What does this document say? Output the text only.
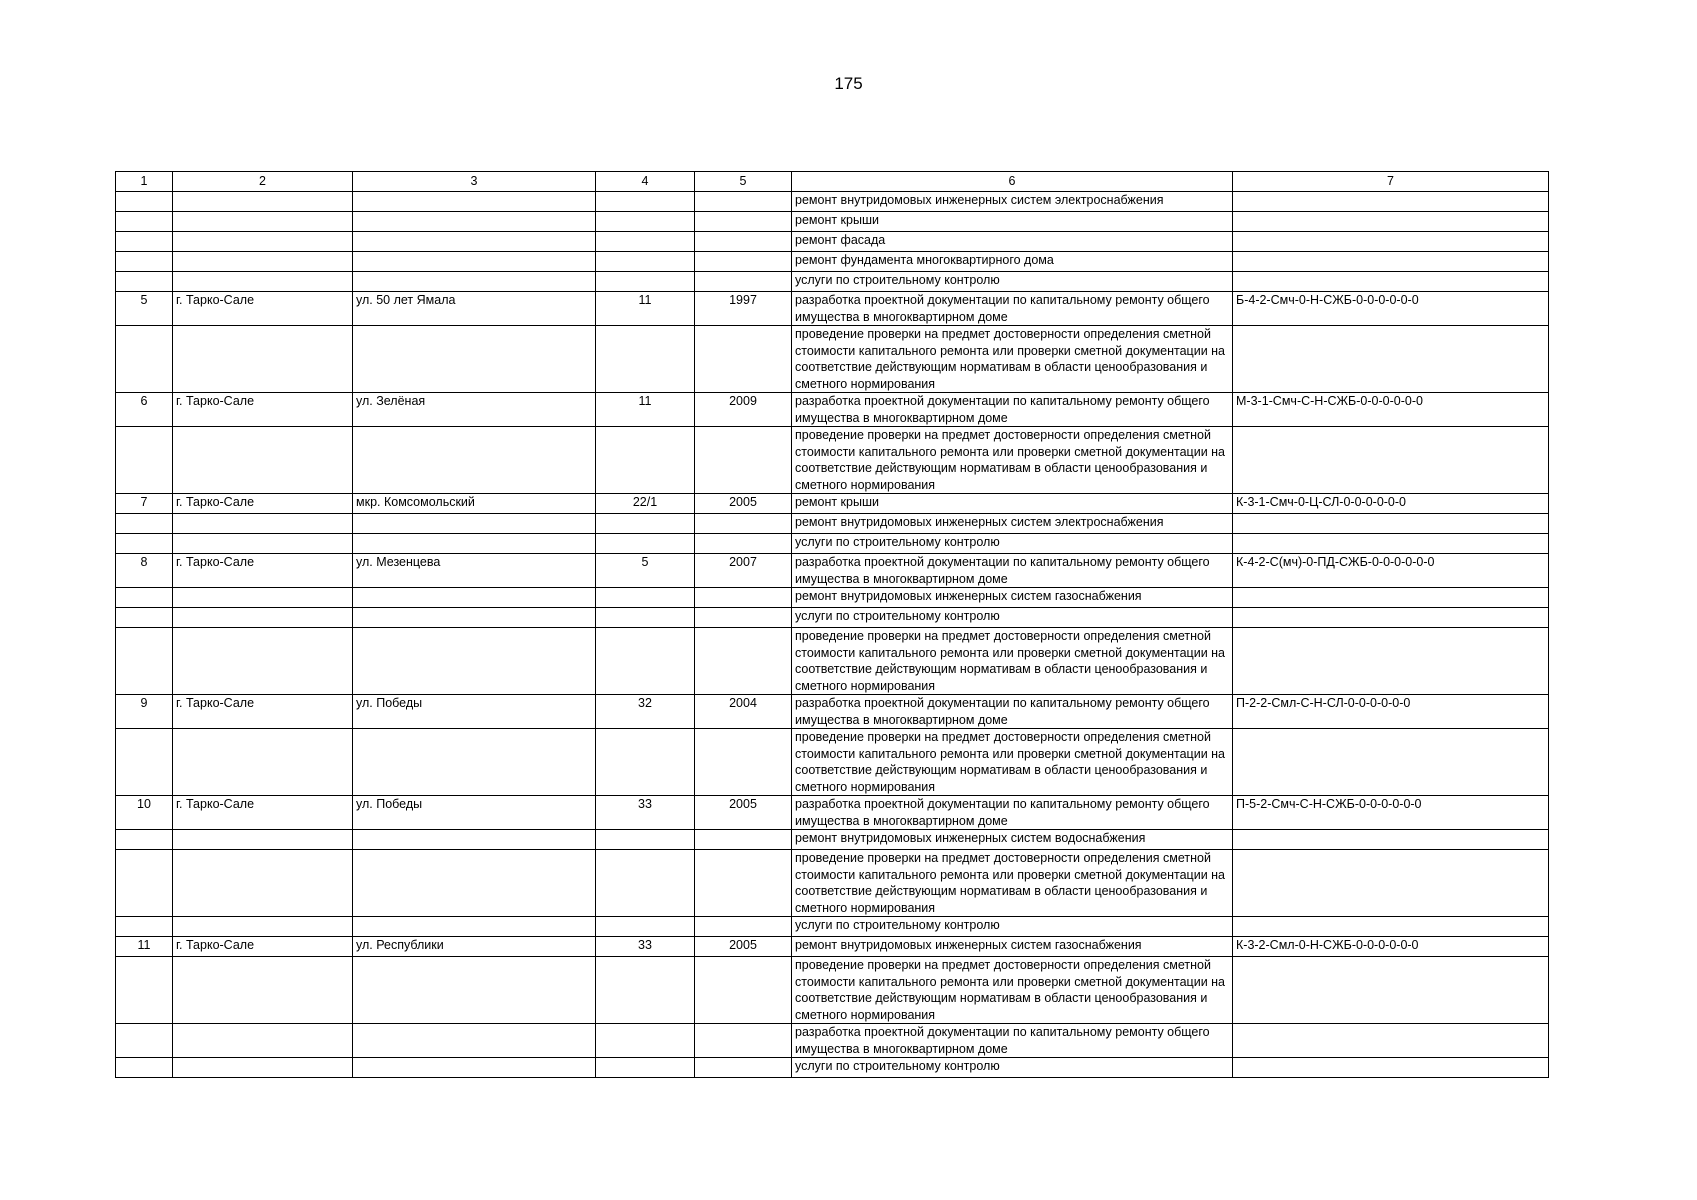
175
1	2	3	4	5	6	7
					ремонт внутридомовых инженерных систем электроснабжения	
					ремонт крыши	
					ремонт фасада	
					ремонт фундамента многоквартирного дома	
					услуги по строительному контролю	
5	г. Тарко-Сале	ул. 50 лет Ямала	11	1997	разработка проектной документации по капитальному ремонту общего имущества в многоквартирном доме	Б-4-2-Смч-0-Н-СЖБ-0-0-0-0-0-0
					проведение проверки на предмет достоверности определения сметной стоимости капитального ремонта или проверки сметной документации на соответствие действующим нормативам в области ценообразования и сметного нормирования	
6	г. Тарко-Сале	ул. Зелёная	11	2009	разработка проектной документации по капитальному ремонту общего имущества в многоквартирном доме	М-3-1-Смч-С-Н-СЖБ-0-0-0-0-0-0
					проведение проверки на предмет достоверности определения сметной стоимости капитального ремонта или проверки сметной документации на соответствие действующим нормативам в области ценообразования и сметного нормирования	
7	г. Тарко-Сале	мкр. Комсомольский	22/1	2005	ремонт крыши	К-3-1-Смч-0-Ц-СЛ-0-0-0-0-0-0
					ремонт внутридомовых инженерных систем электроснабжения	
					услуги по строительному контролю	
8	г. Тарко-Сале	ул. Мезенцева	5	2007	разработка проектной документации по капитальному ремонту общего имущества в многоквартирном доме	К-4-2-С(мч)-0-ПД-СЖБ-0-0-0-0-0-0
					ремонт внутридомовых инженерных систем газоснабжения	
					услуги по строительному контролю	
					проведение проверки на предмет достоверности определения сметной стоимости капитального ремонта или проверки сметной документации на соответствие действующим нормативам в области ценообразования и сметного нормирования	
9	г. Тарко-Сале	ул. Победы	32	2004	разработка проектной документации по капитальному ремонту общего имущества в многоквартирном доме	П-2-2-Смл-С-Н-СЛ-0-0-0-0-0-0
					проведение проверки на предмет достоверности определения сметной стоимости капитального ремонта или проверки сметной документации на соответствие действующим нормативам в области ценообразования и сметного нормирования	
10	г. Тарко-Сале	ул. Победы	33	2005	разработка проектной документации по капитальному ремонту общего имущества в многоквартирном доме	П-5-2-Смч-С-Н-СЖБ-0-0-0-0-0-0
					ремонт внутридомовых инженерных систем водоснабжения	
					проведение проверки на предмет достоверности определения сметной стоимости капитального ремонта или проверки сметной документации на соответствие действующим нормативам в области ценообразования и сметного нормирования	
					услуги по строительному контролю	
11	г. Тарко-Сале	ул. Республики	33	2005	ремонт внутридомовых инженерных систем газоснабжения	К-3-2-Смл-0-Н-СЖБ-0-0-0-0-0-0
					проведение проверки на предмет достоверности определения сметной стоимости капитального ремонта или проверки сметной документации на соответствие действующим нормативам в области ценообразования и сметного нормирования	
					разработка проектной документации по капитальному ремонту общего имущества в многоквартирном доме	
					услуги по строительному контролю	
